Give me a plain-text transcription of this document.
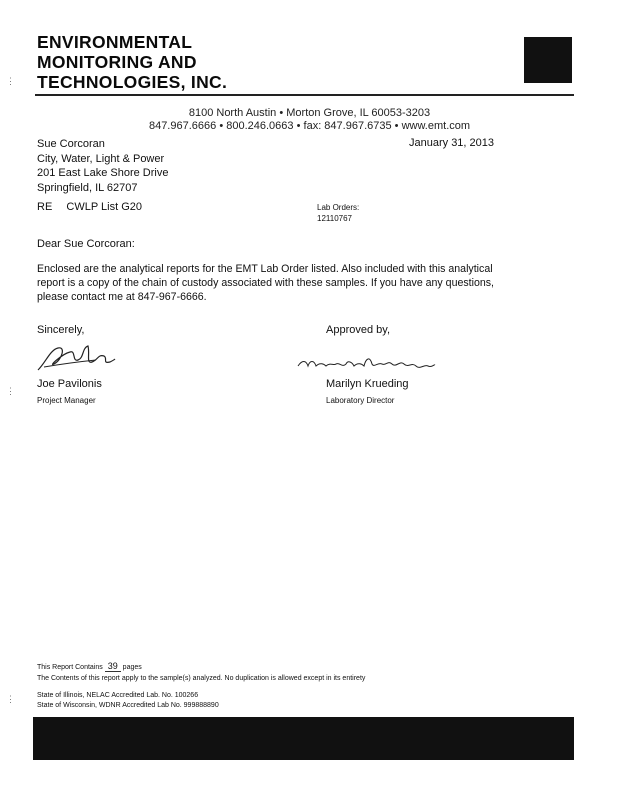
ENVIRONMENTAL
MONITORING AND
TECHNOLOGIES, INC.
8100 North Austin • Morton Grove, IL 60053-3203
847.967.6666 • 800.246.0663 • fax: 847.967.6735 • www.emt.com
Sue Corcoran
City, Water, Light & Power
201 East Lake Shore Drive
Springfield, IL 62707
January 31, 2013
RE CWLP List G20	Lab Orders:
12110767
Dear Sue Corcoran:
Enclosed are the analytical reports for the EMT Lab Order listed. Also included with this analytical report is a copy of the chain of custody associated with these samples. If you have any questions, please contact me at 847-967-6666.
Sincerely,	Approved by,
Joe Pavilonis
Project Manager
Marilyn Krueding
Laboratory Director
⋮
⋮
⋮
This Report Contains 39 pages
The Contents of this report apply to the sample(s) analyzed. No duplication is allowed except in its entirety
State of Illinois, NELAC Accredited Lab. No. 100266
State of Wisconsin, WDNR Accredited Lab No. 999888890
